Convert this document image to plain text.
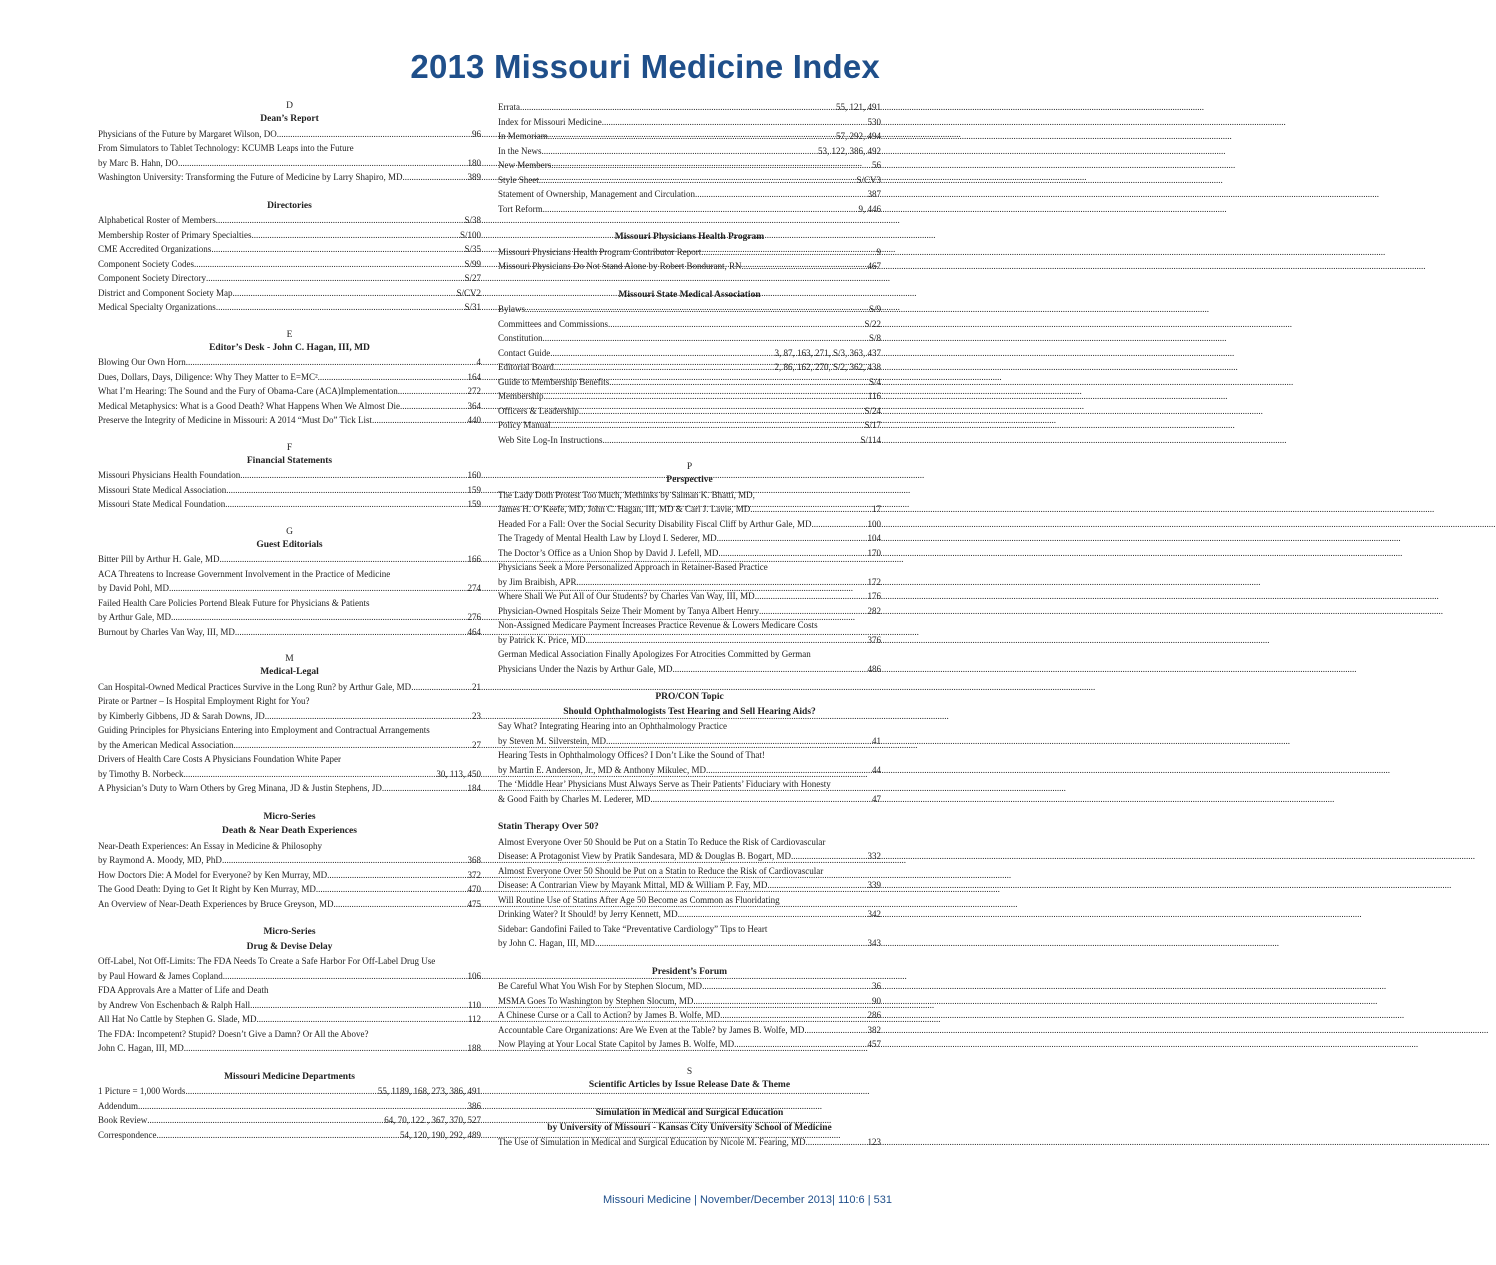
2013 Missouri Medicine Index
D
Dean’s Report
Physicians of the Future by Margaret Wilson, DO .....	96
From Simulators to Tablet Technology: KCUMB Leaps into the Future
by Marc B. Hahn, DO .....	180
Washington University: Transforming the Future of Medicine by Larry Shapiro, MD .....	389
Directories
Alphabetical Roster of Members .....	S/38
Membership Roster of Primary Specialties .....	S/100
CME Accredited Organizations .....	S/35
Component Society Codes .....	S/99
Component Society Directory .....	S/27
District and Component Society Map .....	S/CV2
Medical Specialty Organizations .....	S/31
E
Editor’s Desk - John C. Hagan, III, MD
Blowing Our Own Horn .....	4
Dues, Dollars, Days, Diligence: Why They Matter to E=MC² .....	164
What I’m Hearing: The Sound and the Fury of Obama-Care (ACA)Implementation .....	272
Medical Metaphysics: What is a Good Death? What Happens When We Almost Die .....	364
Preserve the Integrity of Medicine in Missouri: A 2014 “Must Do” Tick List .....	440
F
Financial Statements
Missouri Physicians Health Foundation .....	160
Missouri State Medical Association .....	159
Missouri State Medical Foundation .....	159
G
Guest Editorials
Bitter Pill by Arthur H. Gale, MD .....	166
ACA Threatens to Increase Government Involvement in the Practice of Medicine
by David Pohl, MD .....	274
Failed Health Care Policies Portend Bleak Future for Physicians & Patients
by Arthur Gale, MD .....	276
Burnout by Charles Van Way, III, MD .....	464
M
Medical-Legal
Can Hospital-Owned Medical Practices Survive in the Long Run? by Arthur Gale, MD .....	21
Pirate or Partner – Is Hospital Employment Right for You?
by Kimberly Gibbens, JD & Sarah Downs, JD .....	23
Guiding Principles for Physicians Entering into Employment and Contractual Arrangements
by the American Medical Association .....	27
Drivers of Health Care Costs A Physicians Foundation White Paper
by Timothy B. Norbeck .....	30, 113, 450
A Physician’s Duty to Warn Others by Greg Minana, JD & Justin Stephens, JD .....	184
Micro-Series
Death & Near Death Experiences
Near-Death Experiences: An Essay in Medicine & Philosophy
by Raymond A. Moody, MD, PhD .....	368
How Doctors Die: A Model for Everyone? by Ken Murray, MD .....	372
The Good Death: Dying to Get It Right by Ken Murray, MD .....	470
An Overview of Near-Death Experiences by Bruce Greyson, MD .....	475
Micro-Series
Drug & Devise Delay
Off-Label, Not Off-Limits: The FDA Needs To Create a Safe Harbor For Off-Label Drug Use
by Paul Howard & James Copland .....	106
FDA Approvals Are a Matter of Life and Death
by Andrew Von Eschenbach & Ralph Hall .....	110
All Hat No Cattle by Stephen G. Slade, MD .....	112
The FDA: Incompetent? Stupid? Doesn’t Give a Damn? Or All the Above?
John C. Hagan, III, MD .....	188
Missouri Medicine Departments
1 Picture = 1,000 Words .....	55, 1189, 168, 273, 386, 491
Addendum .....	386
Book Review .....	64, 70, 122 , 367, 370, 527
Correspondence .....	54, 120, 190, 292, 489
Errata .....	55, 121, 491
Index for Missouri Medicine .....	530
In Memoriam .....	57, 292, 494
In the News .....	53, 122, 386, 492
New Members .....	56
Style Sheet .....	S/CV3
Statement of Ownership, Management and Circulation .....	387
Tort Reform .....	9, 446
Missouri Physicians Health Program
Missouri Physicians Health Program Contributor Report .....	9
Missouri Physicians Do Not Stand Alone by Robert Bondurant, RN .....	467
Missouri State Medical Association
Bylaws .....	S/9
Committees and Commissions .....	S/22
Constitution .....	S/8
Contact Guide .....	3, 87, 163, 271, S/3, 363, 437
Editorial Board .....	2, 86, 162, 270, S/2, 362, 438
Guide to Membership Benefits .....	S/4
Membership .....	116
Officers & Leadership .....	S/24
Policy Manual .....	S/17
Web Site Log-In Instructions .....	S/114
P
Perspective
The Lady Doth Protest Too Much, Methinks by Salman K. Bhatti, MD,
James H. O’Keefe, MD, John C. Hagan, III, MD & Carl J. Lavie, MD .....	17
Headed For a Fall: Over the Social Security Disability Fiscal Cliff by Arthur Gale, MD .....	100
The Tragedy of Mental Health Law by Lloyd I. Sederer, MD .....	104
The Doctor’s Office as a Union Shop by David J. Lefell, MD .....	170
Physicians Seek a More Personalized Approach in Retainer-Based Practice
by Jim Braibish, APR .....	172
Where Shall We Put All of Our Students? by Charles Van Way, III, MD .....	176
Physician-Owned Hospitals Seize Their Moment by Tanya Albert Henry .....	282
Non-Assigned Medicare Payment Increases Practice Revenue & Lowers Medicare Costs
by Patrick K. Price, MD .....	376
German Medical Association Finally Apologizes For Atrocities Committed by German
Physicians Under the Nazis by Arthur Gale, MD .....	486
PRO/CON Topic
Should Ophthalmologists Test Hearing and Sell Hearing Aids?
Say What? Integrating Hearing into an Ophthalmology Practice
by Steven M. Silverstein, MD .....	41
Hearing Tests in Ophthalmology Offices? I Don’t Like the Sound of That!
by Martin E. Anderson, Jr., MD & Anthony Mikulec, MD .....	44
The ‘Middle Hear’ Physicians Must Always Serve as Their Patients’ Fiduciary with Honesty
& Good Faith by Charles M. Lederer, MD .....	47
Statin Therapy Over 50?
Almost Everyone Over 50 Should be Put on a Statin To Reduce the Risk of Cardiovascular
Disease: A Protagonist View by Pratik Sandesara, MD & Douglas B. Bogart, MD .....	332
Almost Everyone Over 50 Should be Put on a Statin to Reduce the Risk of Cardiovascular
Disease: A Contrarian View by Mayank Mittal, MD & William P. Fay, MD .....	339
Will Routine Use of Statins After Age 50 Become as Common as Fluoridating
Drinking Water? It Should! by Jerry Kennett, MD .....	342
Sidebar: Gandofini Failed to Take “Preventative Cardiology” Tips to Heart
by John C. Hagan, III, MD .....	343
President’s Forum
Be Careful What You Wish For by Stephen Slocum, MD .....	36
MSMA Goes To Washington by Stephen Slocum, MD .....	90
A Chinese Curse or a Call to Action? by James B. Wolfe, MD .....	286
Accountable Care Organizations: Are We Even at the Table? by James B. Wolfe, MD .....	382
Now Playing at Your Local State Capitol by James B. Wolfe, MD .....	457
S
Scientific Articles by Issue Release Date & Theme
Simulation in Medical and Surgical Education
by University of Missouri - Kansas City University School of Medicine
The Use of Simulation in Medical and Surgical Education by Nicole M. Fearing, MD .....	123
Missouri Medicine | November/December 2013| 110:6 | 531
